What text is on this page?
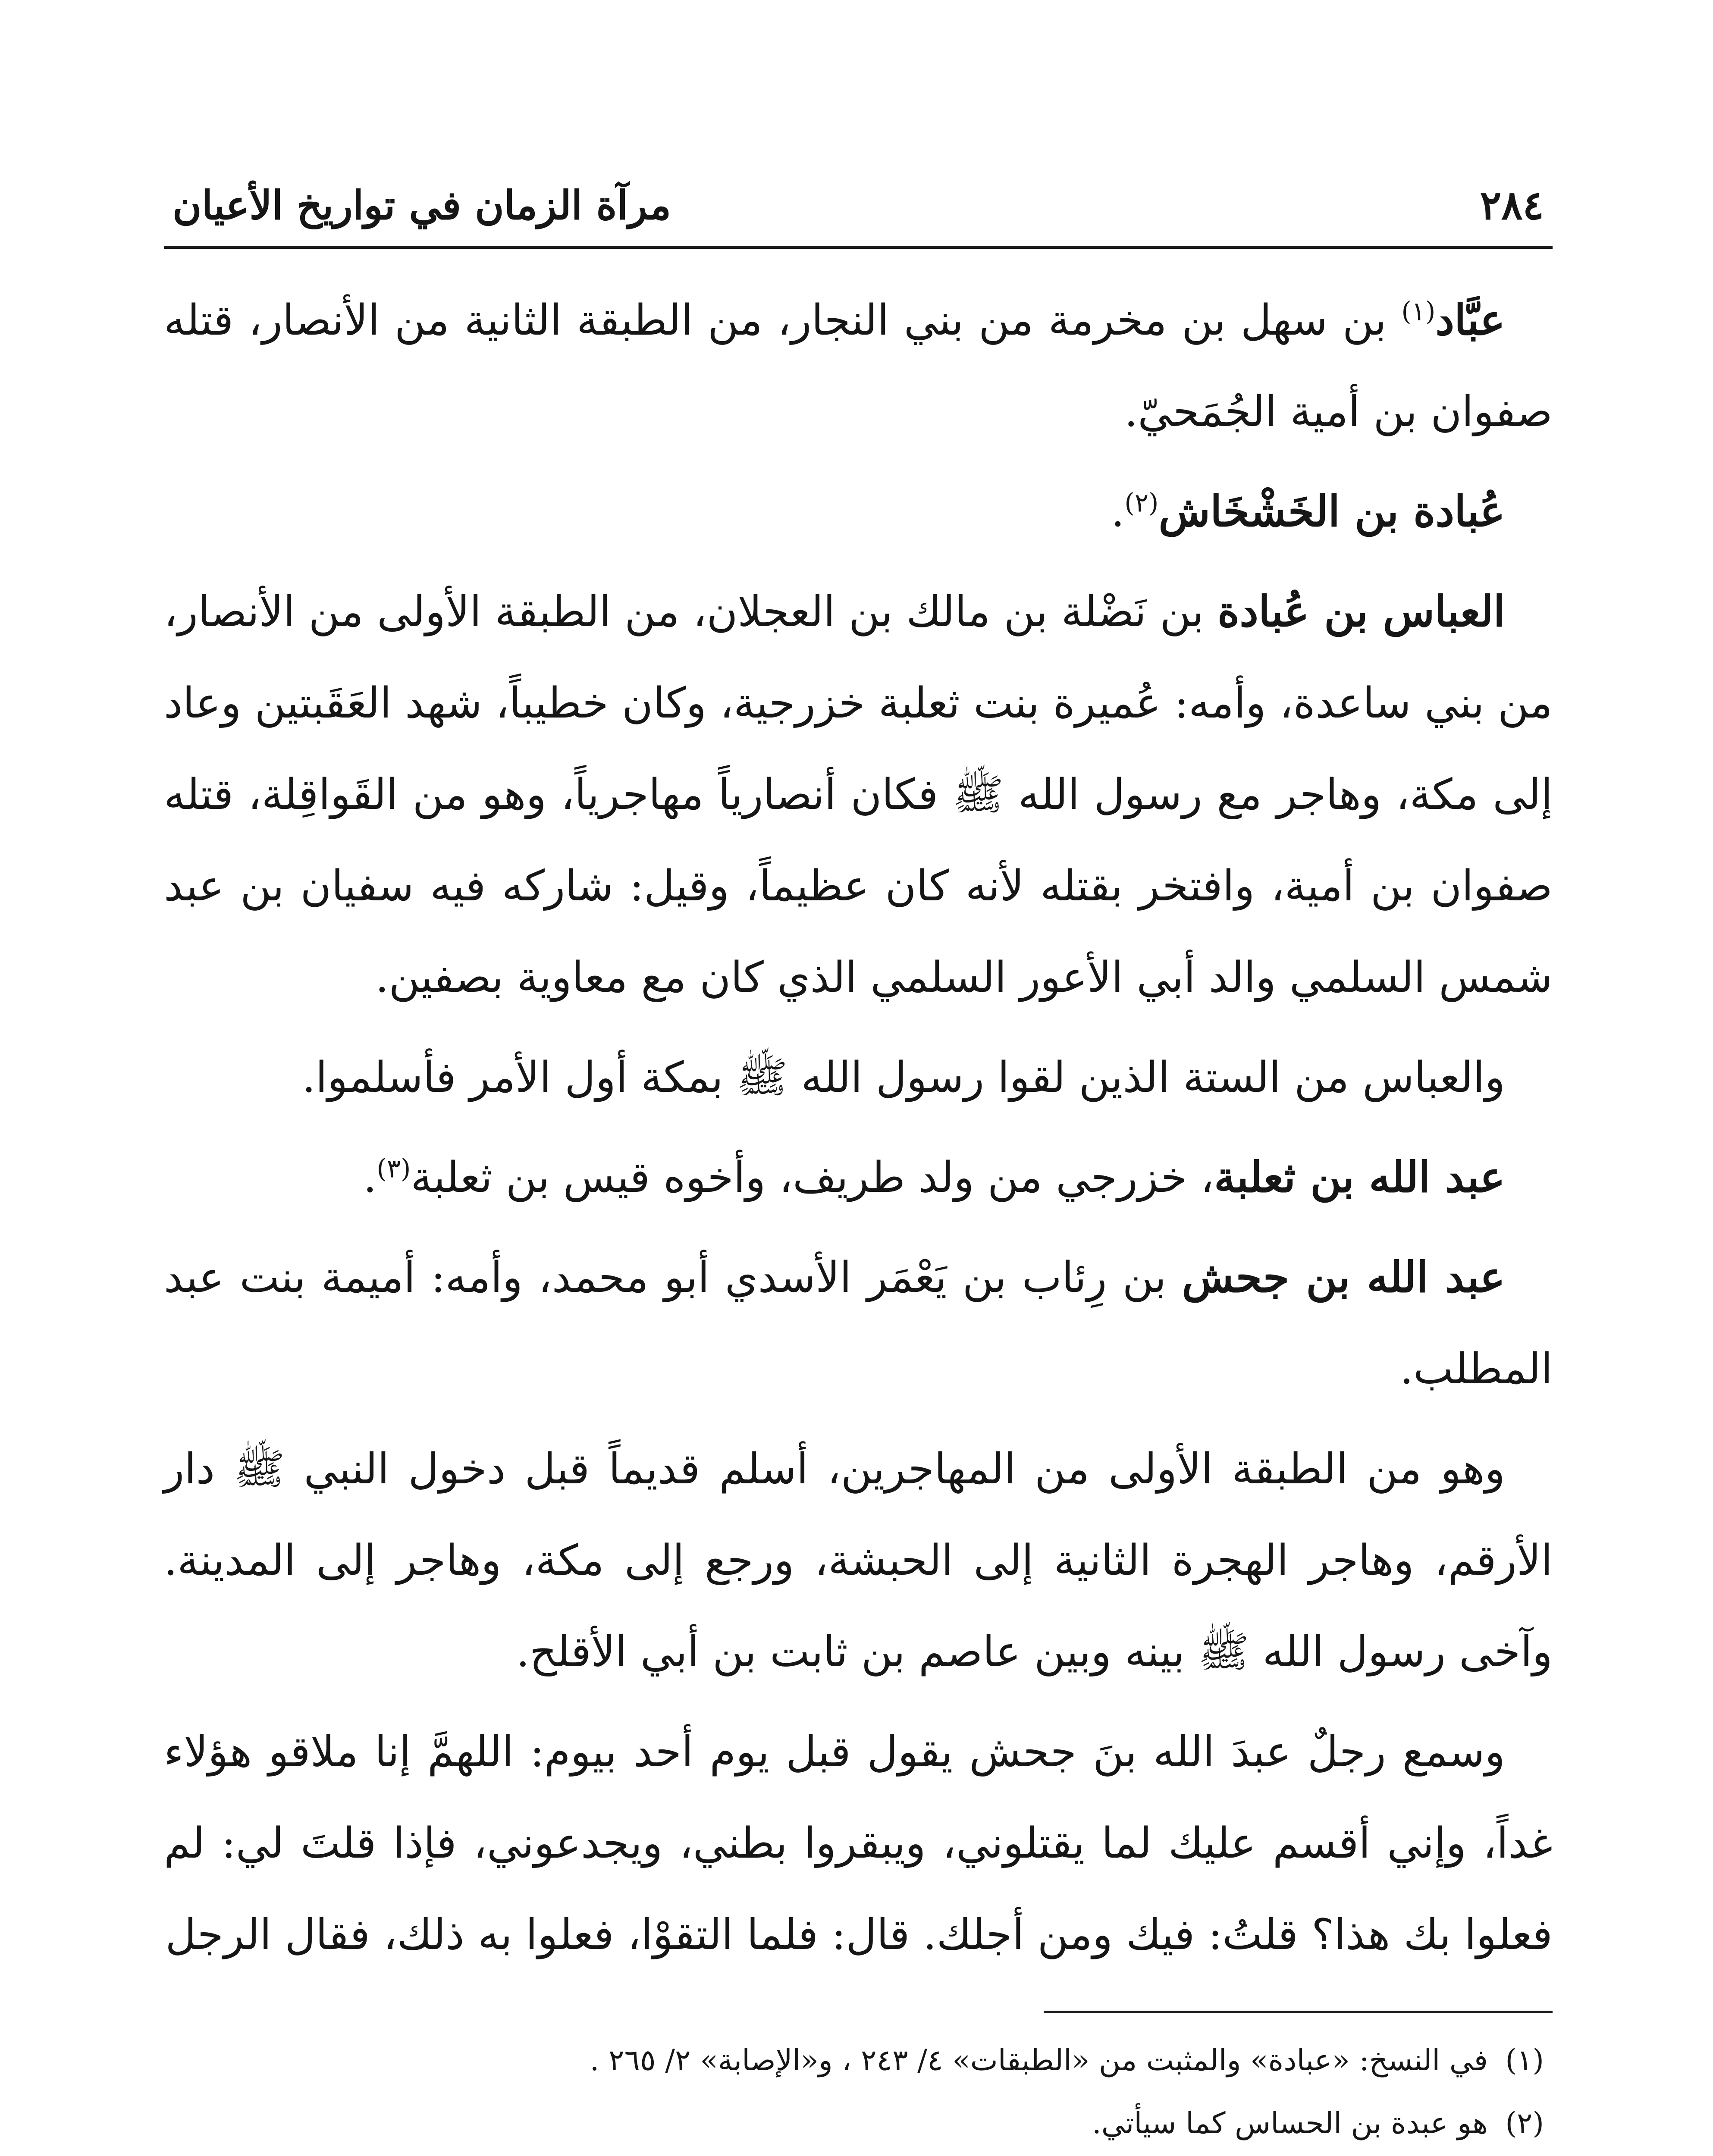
٢٨٤
مرآة الزمان في تواريخ الأعيان

عبَّاد$^{(١)}$ بن سهل بن مخرمة من بني النجار، من الطبقة الثانية من الأنصار، قتله صفوان بن أمية الجُمَحيّ.

عُبادة بن الخَشْخَاش$^{(٢)}$.

العباس بن عُبادة بن نَضْلة بن مالك بن العجلان، من الطبقة الأولى من الأنصار، من بني ساعدة، وأمه: عُميرة بنت ثعلبة خزرجية، وكان خطيباً، شهد العَقَبتين وعاد إلى مكة، وهاجر مع رسول الله ﷺ فكان أنصارياً مهاجرياً، وهو من القَواقِلة، قتله صفوان بن أمية، وافتخر بقتله لأنه كان عظيماً، وقيل: شاركه فيه سفيان بن عبد شمس السلمي والد أبي الأعور السلمي الذي كان مع معاوية بصفين.

والعباس من الستة الذين لقوا رسول الله ﷺ بمكة أول الأمر فأسلموا.

عبد الله بن ثعلبة، خزرجي من ولد طريف، وأخوه قيس بن ثعلبة$^{(٣)}$.

عبد الله بن جحش بن رِئاب بن يَعْمَر الأسدي أبو محمد، وأمه: أميمة بنت عبد المطلب.

وهو من الطبقة الأولى من المهاجرين، أسلم قديماً قبل دخول النبي ﷺ دار الأرقم، وهاجر الهجرة الثانية إلى الحبشة، ورجع إلى مكة، وهاجر إلى المدينة. وآخى رسول الله ﷺ بينه وبين عاصم بن ثابت بن أبي الأقلح.

وسمع رجلٌ عبدَ الله بنَ جحش يقول قبل يوم أحد بيوم: اللهمَّ إنا ملاقو هؤلاء غداً، وإني أقسم عليك لما يقتلوني، ويبقروا بطني، ويجدعوني، فإذا قلتَ لي: لم فعلوا بك هذا؟ قلتُ: فيك ومن أجلك. قال: فلما التقوْا، فعلوا به ذلك، فقال الرجل

(١)
في النسخ: «عبادة» والمثبت من «الطبقات» ٤/ ٢٤٣ ، و«الإصابة» ٢/ ٢٦٥ .
(٢)
هو عبدة بن الحساس كما سيأتي.
